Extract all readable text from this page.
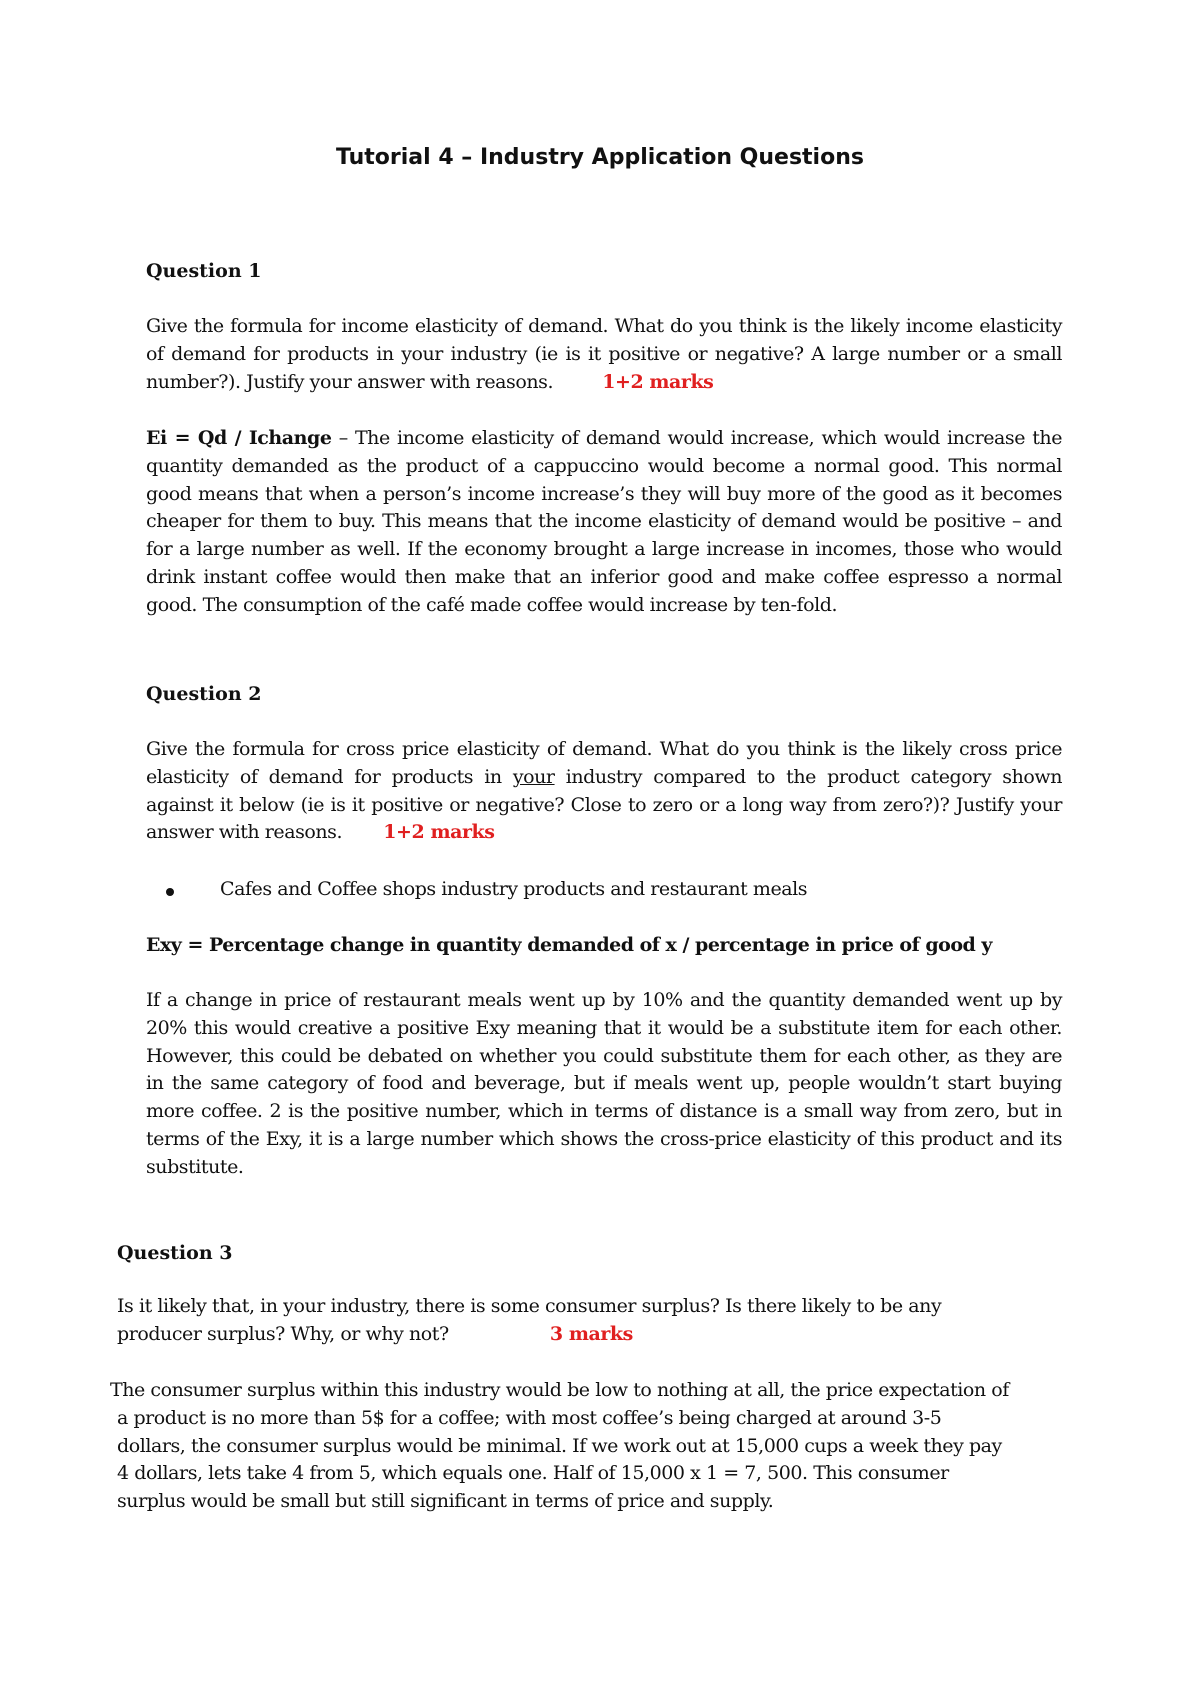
Tutorial 4 – Industry Application Questions

Question 1

Give the formula for income elasticity of demand. What do you think is the likely income elasticity of demand for products in your industry (ie is it positive or negative? A large number or a small number?). Justify your answer with reasons.	1+2 marks

Ei = Qd / Ichange – The income elasticity of demand would increase, which would increase the quantity demanded as the product of a cappuccino would become a normal good. This normal good means that when a person’s income increase’s they will buy more of the good as it becomes cheaper for them to buy. This means that the income elasticity of demand would be positive – and for a large number as well. If the economy brought a large increase in incomes, those who would drink instant coffee would then make that an inferior good and make coffee espresso a normal good. The consumption of the café made coffee would increase by ten-fold.

Question 2

Give the formula for cross price elasticity of demand. What do you think is the likely cross price elasticity of demand for products in your industry compared to the product category shown against it below (ie is it positive or negative? Close to zero or a long way from zero?)? Justify your answer with reasons. 1+2 marks

Cafes and Coffee shops industry products and restaurant meals

Exy = Percentage change in quantity demanded of x / percentage in price of good y

If a change in price of restaurant meals went up by 10% and the quantity demanded went up by 20% this would creative a positive Exy meaning that it would be a substitute item for each other. However, this could be debated on whether you could substitute them for each other, as they are in the same category of food and beverage, but if meals went up, people wouldn’t start buying more coffee. 2 is the positive number, which in terms of distance is a small way from zero, but in terms of the Exy, it is a large number which shows the cross-price elasticity of this product and its substitute.

Question 3

Is it likely that, in your industry, there is some consumer surplus? Is there likely to be any producer surplus? Why, or why not?	3 marks

The consumer surplus within this industry would be low to nothing at all, the price expectation of
a product is no more than 5$ for a coffee; with most coffee’s being charged at around 3-5
dollars, the consumer surplus would be minimal. If we work out at 15,000 cups a week they pay
4 dollars, lets take 4 from 5, which equals one. Half of 15,000 x 1 = 7, 500. This consumer
surplus would be small but still significant in terms of price and supply.
